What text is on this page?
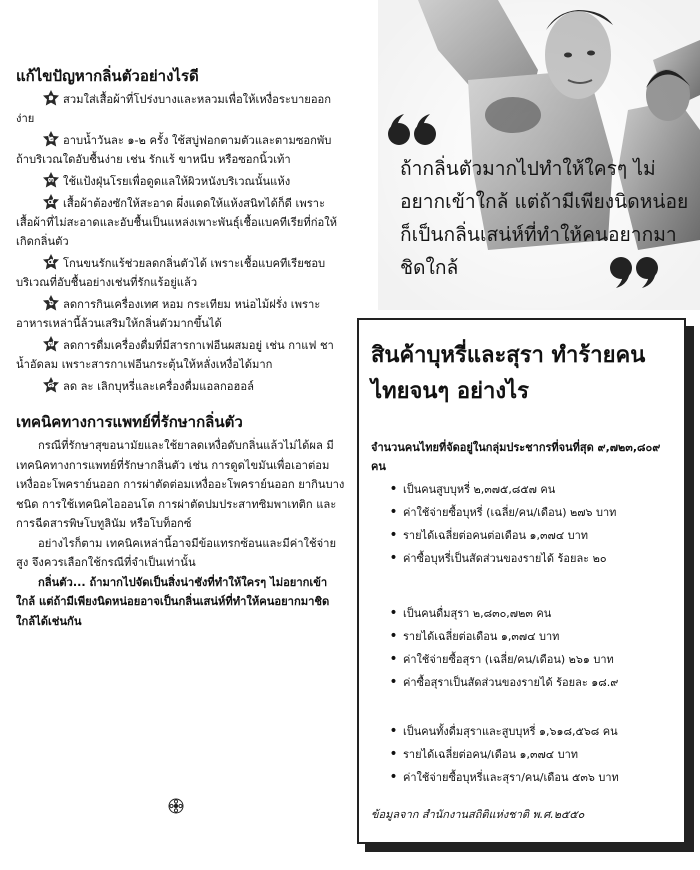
แก้ไขปัญหากลิ่นตัวอย่างไรดี

๑ สวมใส่เสื้อผ้าที่โปร่งบางและหลวมเพื่อให้เหงื่อระบายออกง่าย

๒ อาบน้ำวันละ ๑-๒ ครั้ง ใช้สบู่ฟอกตามตัวและตามซอกพับ ถ้าบริเวณใดอับชื้นง่าย เช่น รักแร้ ขาหนีบ หรือซอกนิ้วเท้า

๓ ใช้แป้งฝุ่นโรยเพื่อดูดแลให้ผิวหนังบริเวณนั้นแห้ง

๔ เสื้อผ้าต้องซักให้สะอาด ผึ่งแดดให้แห้งสนิทได้ก็ดี เพราะเสื้อผ้าที่ไม่สะอาดและอับชื้นเป็นแหล่งเพาะพันธุ์เชื้อแบคทีเรียที่ก่อให้เกิดกลิ่นตัว

๕ โกนขนรักแร้ช่วยลดกลิ่นตัวได้ เพราะเชื้อแบคทีเรียชอบบริเวณที่อับชื้นอย่างเช่นที่รักแร้อยู่แล้ว

๖ ลดการกินเครื่องเทศ หอม กระเทียม หน่อไม้ฝรั่ง เพราะอาหารเหล่านี้ล้วนเสริมให้กลิ่นตัวมากขึ้นได้

๗ ลดการดื่มเครื่องดื่มที่มีสารกาเฟอีนผสมอยู่ เช่น กาแฟ ชา น้ำอัดลม เพราะสารกาเฟอีนกระตุ้นให้หลั่งเหงื่อได้มาก

๘ ลด ละ เลิกบุหรี่และเครื่องดื่มแอลกอฮอล์

เทคนิคทางการแพทย์ที่รักษากลิ่นตัว

กรณีที่รักษาสุขอนามัยและใช้ยาลดเหงื่อดับกลิ่นแล้วไม่ได้ผล มีเทคนิคทางการแพทย์ที่รักษากลิ่นตัว เช่น การดูดไขมันเพื่อเอาต่อมเหงื่ออะโพคราย์นออก การผ่าตัดต่อมเหงื่ออะโพคราย์นออก ยากินบางชนิด การใช้เทคนิคไอออนโต การผ่าตัดปมประสาทซิมพาเทติก และการฉีดสารพิษโบทูลินัม หรือโบท็อกซ์

อย่างไรก็ตาม เทคนิคเหล่านี้อาจมีข้อแทรกซ้อนและมีค่าใช้จ่ายสูง จึงควรเลือกใช้กรณีที่จำเป็นเท่านั้น

กลิ่นตัว... ถ้ามากไปจัดเป็นสิ่งน่าชังที่ทำให้ใครๆ ไม่อยากเข้าใกล้ แต่ถ้ามีเพียงนิดหน่อยอาจเป็นกลิ่นเสน่ห์ที่ทำให้คนอยากมาชิดใกล้ได้เช่นกัน

ถ้ากลิ่นตัวมากไปทำให้ใครๆ ไม่อยากเข้าใกล้ แต่ถ้ามีเพียงนิดหน่อยก็เป็นกลิ่นเสน่ห์ที่ทำให้คนอยากมาชิดใกล้
สินค้าบุหรี่และสุรา ทำร้ายคนไทยจนๆ อย่างไร
จำนวนคนไทยที่จัดอยู่ในกลุ่มประชากรที่จนที่สุด ๙,๗๒๓,๘๐๙ คน
• เป็นคนสูบบุหรี่ ๒,๓๗๕,๘๕๗ คน
• ค่าใช้จ่ายซื้อบุหรี่ (เฉลี่ย/คน/เดือน) ๒๗๖ บาท
• รายได้เฉลี่ยต่อคนต่อเดือน ๑,๓๗๔ บาท
• ค่าซื้อบุหรี่เป็นสัดส่วนของรายได้ ร้อยละ ๒๐
• เป็นคนดื่มสุรา ๒,๘๓๐,๗๒๓ คน
• รายได้เฉลี่ยต่อเดือน ๑,๓๗๔ บาท
• ค่าใช้จ่ายซื้อสุรา (เฉลี่ย/คน/เดือน) ๒๖๑ บาท
• ค่าซื้อสุราเป็นสัดส่วนของรายได้ ร้อยละ ๑๘.๙
• เป็นคนทั้งดื่มสุราและสูบบุหรี่ ๑,๖๑๘,๕๖๘ คน
• รายได้เฉลี่ยต่อคน/เดือน ๑,๓๗๔ บาท
• ค่าใช้จ่ายซื้อบุหรี่และสุรา/คน/เดือน ๕๓๖ บาท
ข้อมูลจาก สำนักงานสถิติแห่งชาติ พ.ศ.๒๕๕๐
